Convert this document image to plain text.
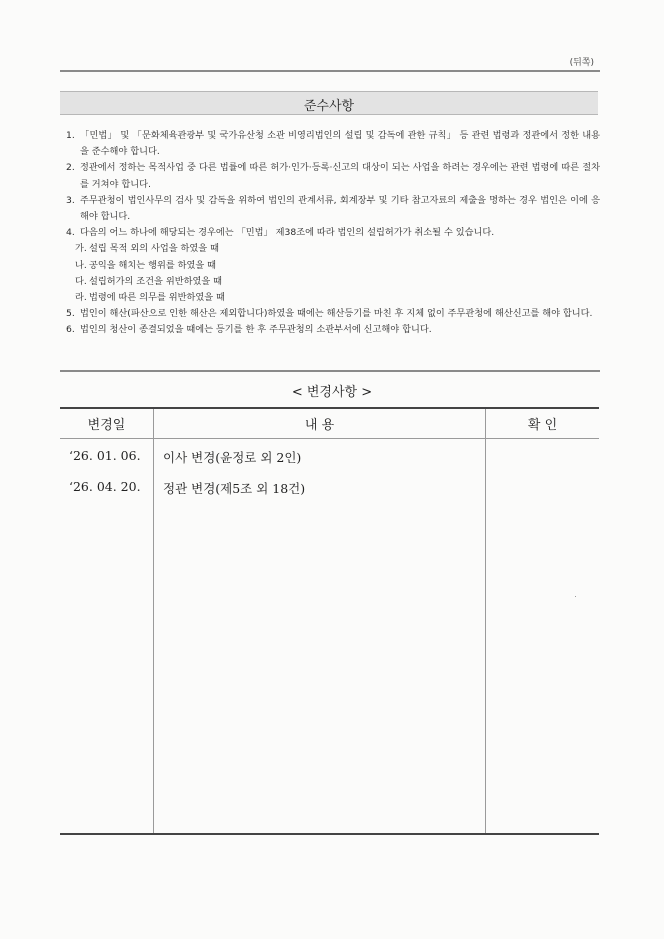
(뒤쪽)
준수사항
1. 「민법」 및 「문화체육관광부 및 국가유산청 소관 비영리법인의 설립 및 감독에 관한 규칙」 등 관련 법령과 정관에서 정한 내용을 준수해야 합니다.
2. 정관에서 정하는 목적사업 중 다른 법률에 따른 허가·인가·등록·신고의 대상이 되는 사업을 하려는 경우에는 관련 법령에 따른 절차를 거쳐야 합니다.
3. 주무관청이 법인사무의 검사 및 감독을 위하여 법인의 관계서류, 회계장부 및 기타 참고자료의 제출을 명하는 경우 법인은 이에 응해야 합니다.
4. 다음의 어느 하나에 해당되는 경우에는 「민법」 제38조에 따라 법인의 설립허가가 취소될 수 있습니다.
가. 설립 목적 외의 사업을 하였을 때
나. 공익을 해치는 행위를 하였을 때
다. 설립허가의 조건을 위반하였을 때
라. 법령에 따른 의무를 위반하였을 때
5. 법인이 해산(파산으로 인한 해산은 제외합니다)하였을 때에는 해산등기를 마친 후 지체 없이 주무관청에 해산신고를 해야 합니다.
6. 법인의 청산이 종결되었을 때에는 등기를 한 후 주무관청의 소관부서에 신고해야 합니다.
< 변경사항 >
변경일	내 용	확 인
‘26. 01. 06. 이사 변경(윤정로 외 2인)
‘26. 04. 20. 정관 변경(제5조 외 18건)
